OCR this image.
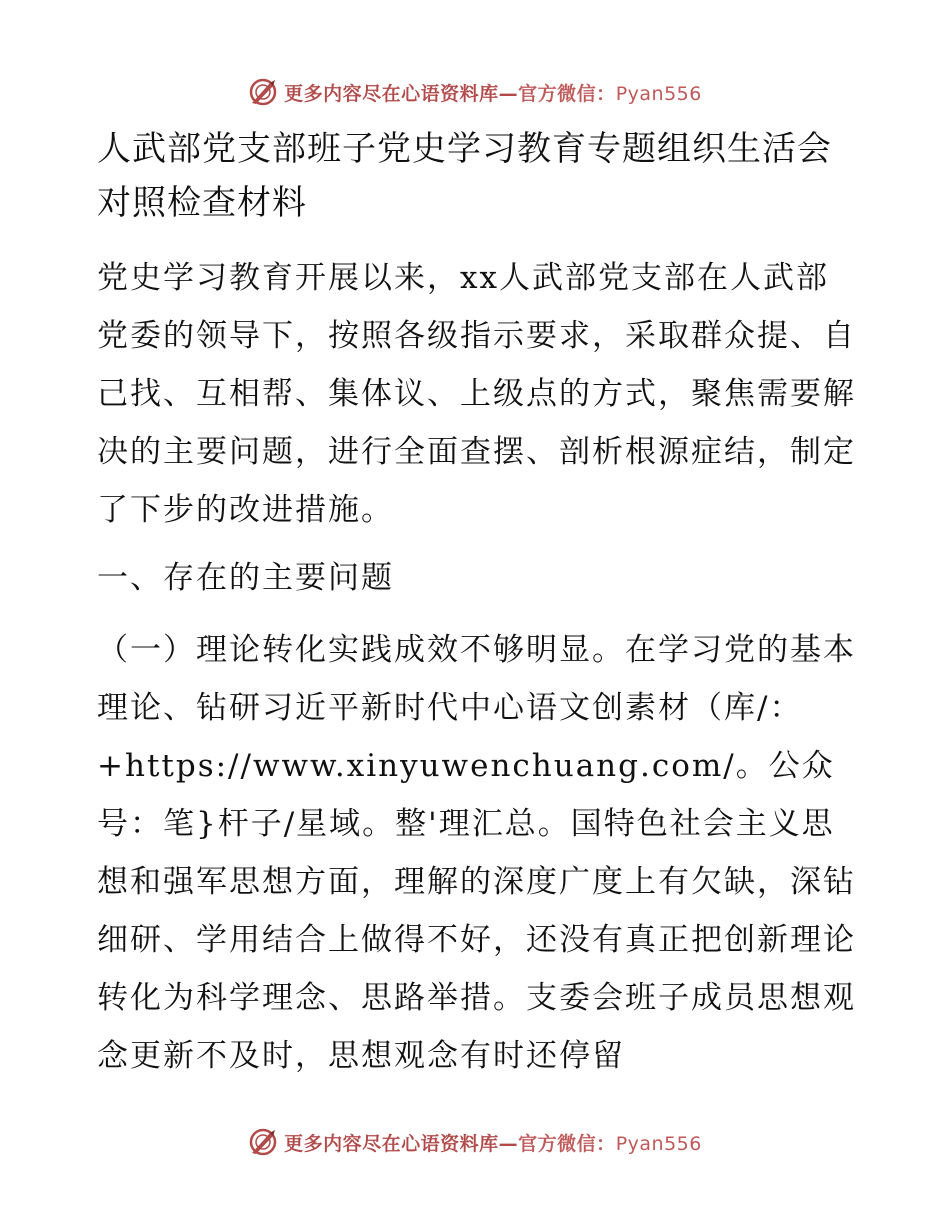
更多内容尽在心语资料库—官方微信：Pyan556

人武部党支部班子党史学习教育专题组织生活会对照检查材料

党史学习教育开展以来，xx人武部党支部在人武部党委的领导下，按照各级指示要求，采取群众提、自己找、互相帮、集体议、上级点的方式，聚焦需要解决的主要问题，进行全面查摆、剖析根源症结，制定了下步的改进措施。

一、存在的主要问题

（一）理论转化实践成效不够明显。在学习党的基本理论、钻研习近平新时代中心语文创素材（库/：+https://www.xinyuwenchuang.com/。公众号：笔}杆子/星域。整'理汇总。国特色社会主义思想和强军思想方面，理解的深度广度上有欠缺，深钻细研、学用结合上做得不好，还没有真正把创新理论转化为科学理念、思路举措。支委会班子成员思想观念更新不及时，思想观念有时还停留

更多内容尽在心语资料库—官方微信：Pyan556
